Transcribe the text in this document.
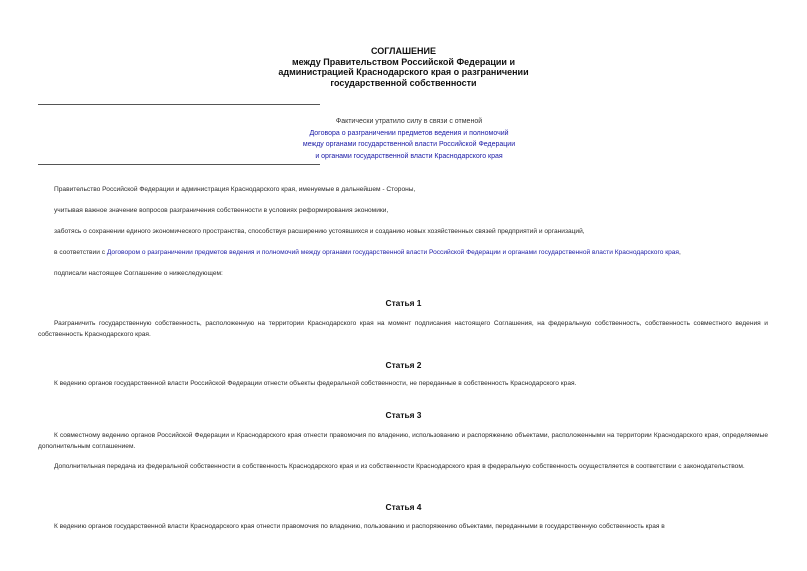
СОГЛАШЕНИЕ
между Правительством Российской Федерации и
администрацией Краснодарского края о разграничении
государственной собственности
Фактически утратило силу в связи с отменой
Договора о разграничении предметов ведения и полномочий
между органами государственной власти Российской Федерации
и органами государственной власти Краснодарского края
Правительство Российской Федерации и администрация Краснодарского края, именуемые в дальнейшем - Стороны,
учитывая важное значение вопросов разграничения собственности в условиях реформирования экономики,
заботясь о сохранении единого экономического пространства, способствуя расширению устоявшихся и созданию новых хозяйственных связей предприятий и организаций,
в соответствии с Договором о разграничении предметов ведения и полномочий между органами государственной власти Российской Федерации и органами государственной власти Краснодарского края,
подписали настоящее Соглашение о нижеследующем:
Статья 1
Разграничить государственную собственность, расположенную на территории Краснодарского края на момент подписания настоящего Соглашения, на федеральную собственность, собственность совместного ведения и собственность Краснодарского края.
Статья 2
К ведению органов государственной власти Российской Федерации отнести объекты федеральной собственности, не переданные в собственность Краснодарского края.
Статья 3
К совместному ведению органов Российской Федерации и Краснодарского края отнести правомочия по владению, использованию и распоряжению объектами, расположенными на территории Краснодарского края, определяемые дополнительным соглашением.
Дополнительная передача из федеральной собственности в собственность Краснодарского края и из собственности Краснодарского края в федеральную собственность осуществляется в соответствии с законодательством.
Статья 4
К ведению органов государственной власти Краснодарского края отнести правомочия по владению, пользованию и распоряжению объектами, переданными в государственную собственность края в
